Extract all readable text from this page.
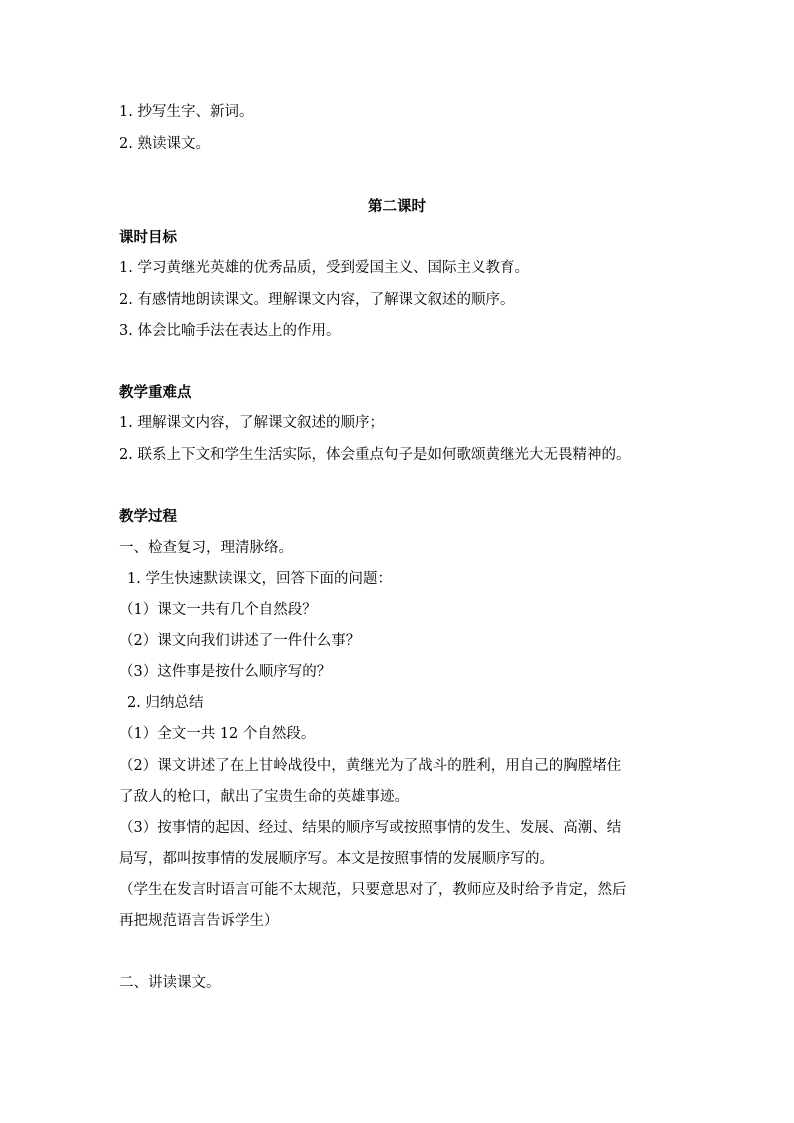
1. 抄写生字、新词。
2. 熟读课文。
第二课时
课时目标
1. 学习黄继光英雄的优秀品质，受到爱国主义、国际主义教育。
2. 有感情地朗读课文。理解课文内容，了解课文叙述的顺序。
3. 体会比喻手法在表达上的作用。
教学重难点
1. 理解课文内容，了解课文叙述的顺序；
2. 联系上下文和学生生活实际，体会重点句子是如何歌颂黄继光大无畏精神的。
教学过程
一、检查复习，理清脉络。
1. 学生快速默读课文，回答下面的问题：
（1）课文一共有几个自然段？
（2）课文向我们讲述了一件什么事？
（3）这件事是按什么顺序写的？
2. 归纳总结
（1）全文一共 12 个自然段。
（2）课文讲述了在上甘岭战役中，黄继光为了战斗的胜利，用自己的胸膛堵住
了敌人的枪口，献出了宝贵生命的英雄事迹。
（3）按事情的起因、经过、结果的顺序写或按照事情的发生、发展、高潮、结
局写，都叫按事情的发展顺序写。本文是按照事情的发展顺序写的。
（学生在发言时语言可能不太规范，只要意思对了，教师应及时给予肯定，然后
再把规范语言告诉学生）
二、讲读课文。
